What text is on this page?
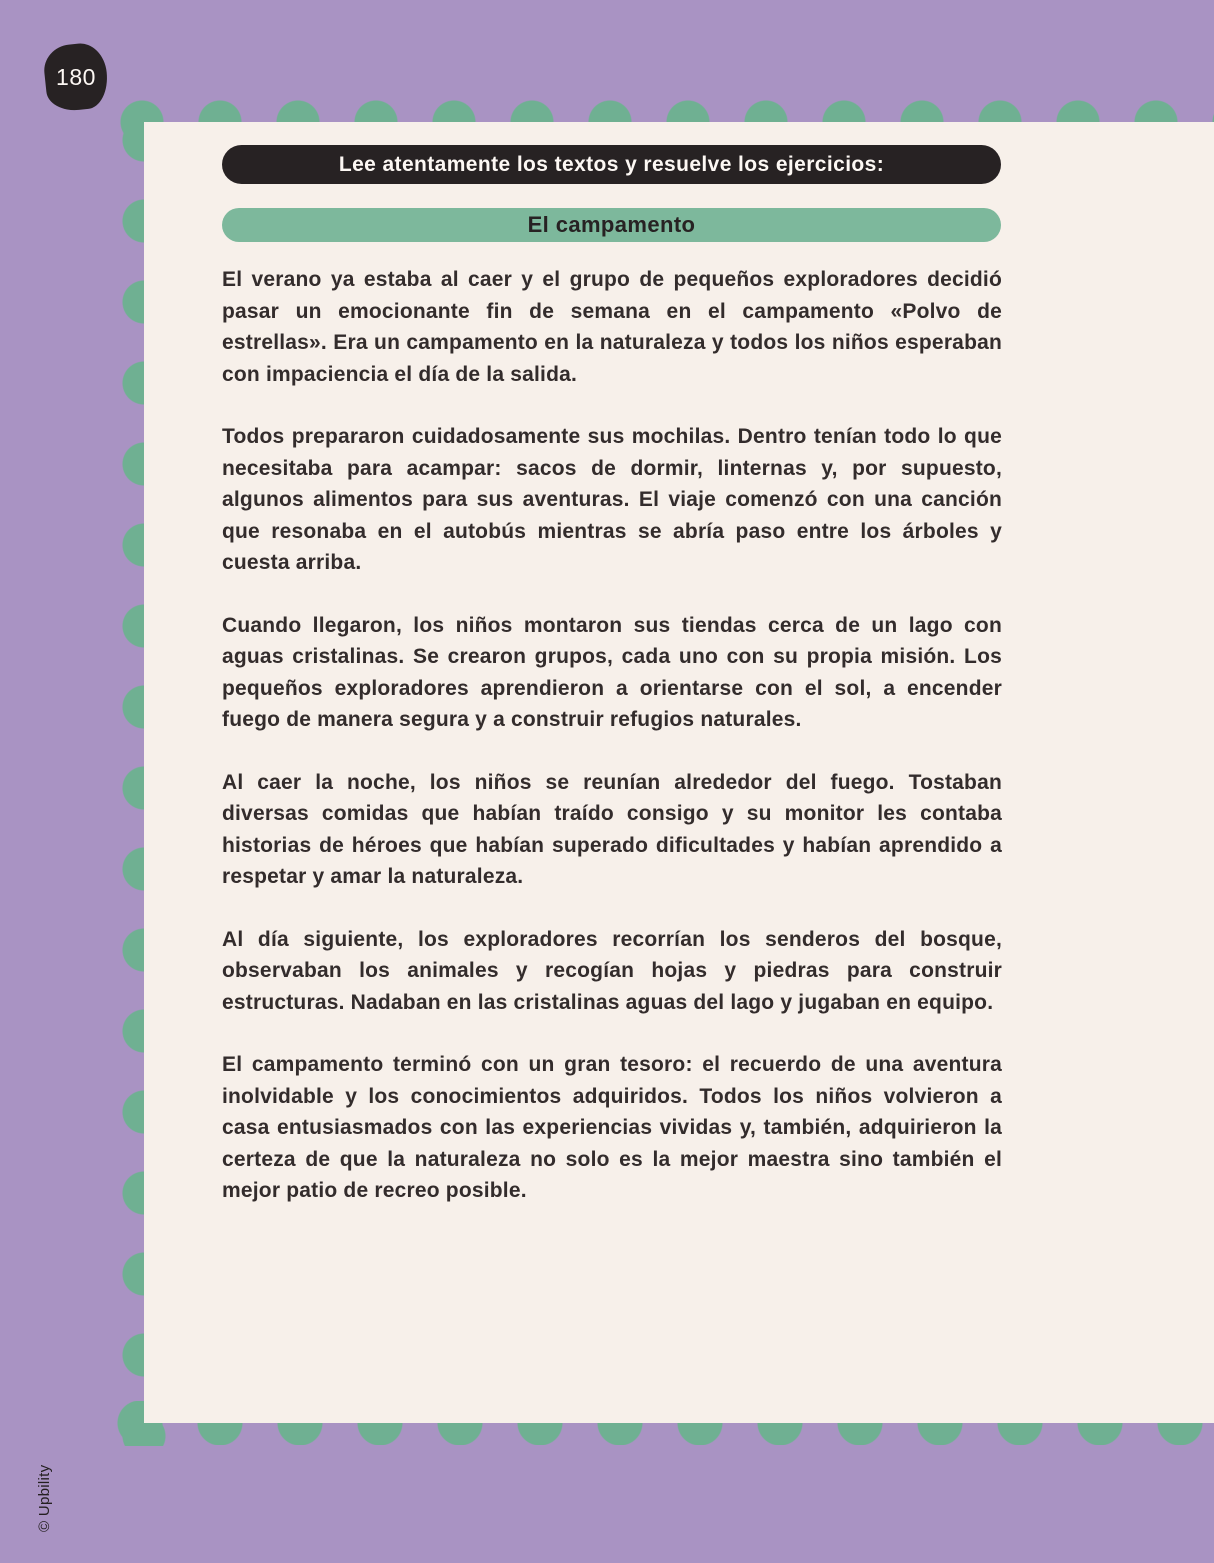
180
Lee atentamente los textos y resuelve los ejercicios:
El campamento

El verano ya estaba al caer y el grupo de pequeños exploradores decidió pasar un emocionante fin de semana en el campamento «Polvo de estrellas». Era un campamento en la naturaleza y todos los niños esperaban con impaciencia el día de la salida.

Todos prepararon cuidadosamente sus mochilas. Dentro tenían todo lo que necesitaba para acampar: sacos de dormir, linternas y, por supuesto, algunos alimentos para sus aventuras. El viaje comenzó con una canción que resonaba en el autobús mientras se abría paso entre los árboles y cuesta arriba.

Cuando llegaron, los niños montaron sus tiendas cerca de un lago con aguas cristalinas. Se crearon grupos, cada uno con su propia misión. Los pequeños exploradores aprendieron a orientarse con el sol, a encender fuego de manera segura y a construir refugios naturales.

Al caer la noche, los niños se reunían alrededor del fuego. Tostaban diversas comidas que habían traído consigo y su monitor les contaba historias de héroes que habían superado dificultades y habían aprendido a respetar y amar la naturaleza.

Al día siguiente, los exploradores recorrían los senderos del bosque, observaban los animales y recogían hojas y piedras para construir estructuras. Nadaban en las cristalinas aguas del lago y jugaban en equipo.

El campamento terminó con un gran tesoro: el recuerdo de una aventura inolvidable y los conocimientos adquiridos. Todos los niños volvieron a casa entusiasmados con las experiencias vividas y, también, adquirieron la certeza de que la naturaleza no solo es la mejor maestra sino también el mejor patio de recreo posible.

© Upbility
